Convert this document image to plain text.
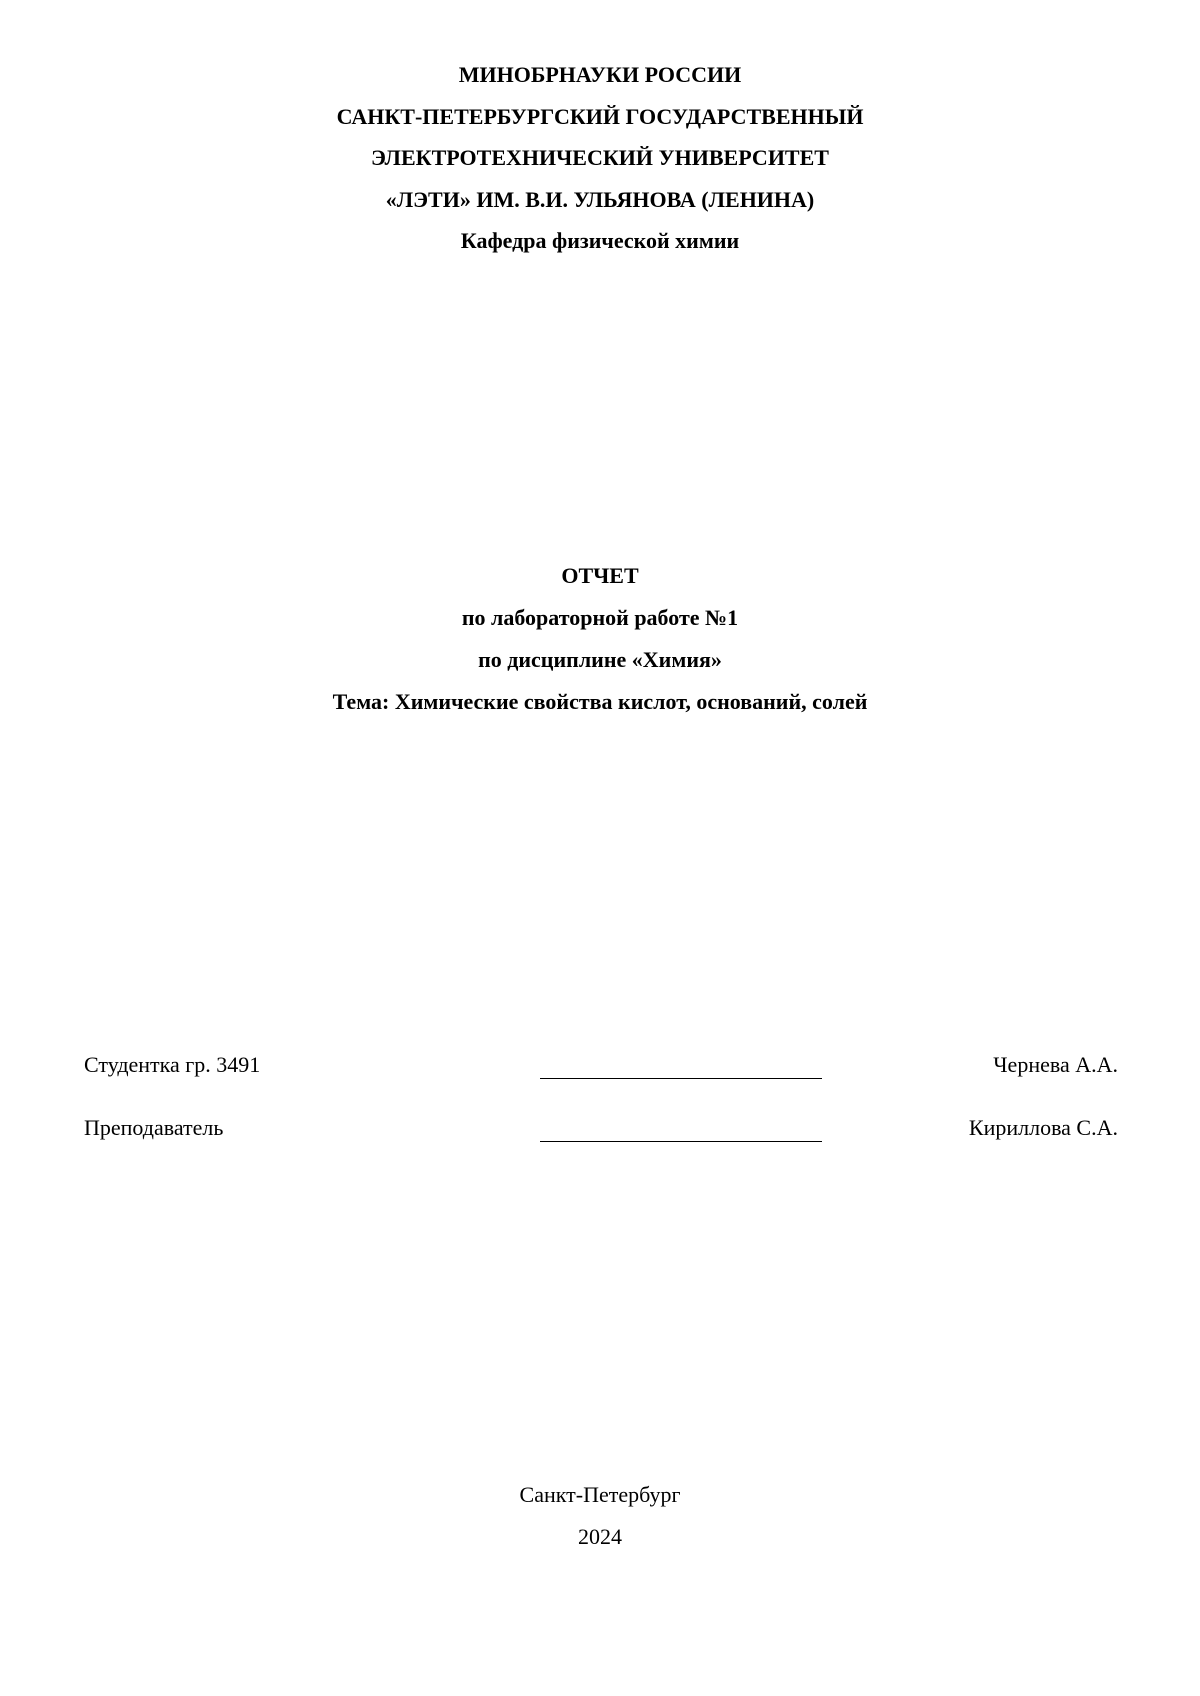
МИНОБРНАУКИ РОССИИ
САНКТ-ПЕТЕРБУРГСКИЙ ГОСУДАРСТВЕННЫЙ
ЭЛЕКТРОТЕХНИЧЕСКИЙ УНИВЕРСИТЕТ
«ЛЭТИ» ИМ. В.И. УЛЬЯНОВА (ЛЕНИНА)
Кафедра физической химии
ОТЧЕТ
по лабораторной работе №1
по дисциплине «Химия»
Тема: Химические свойства кислот, оснований, солей
Студентка гр. 3491	Чернева А.А.
Преподаватель	Кириллова С.А.
Санкт-Петербург
2024
